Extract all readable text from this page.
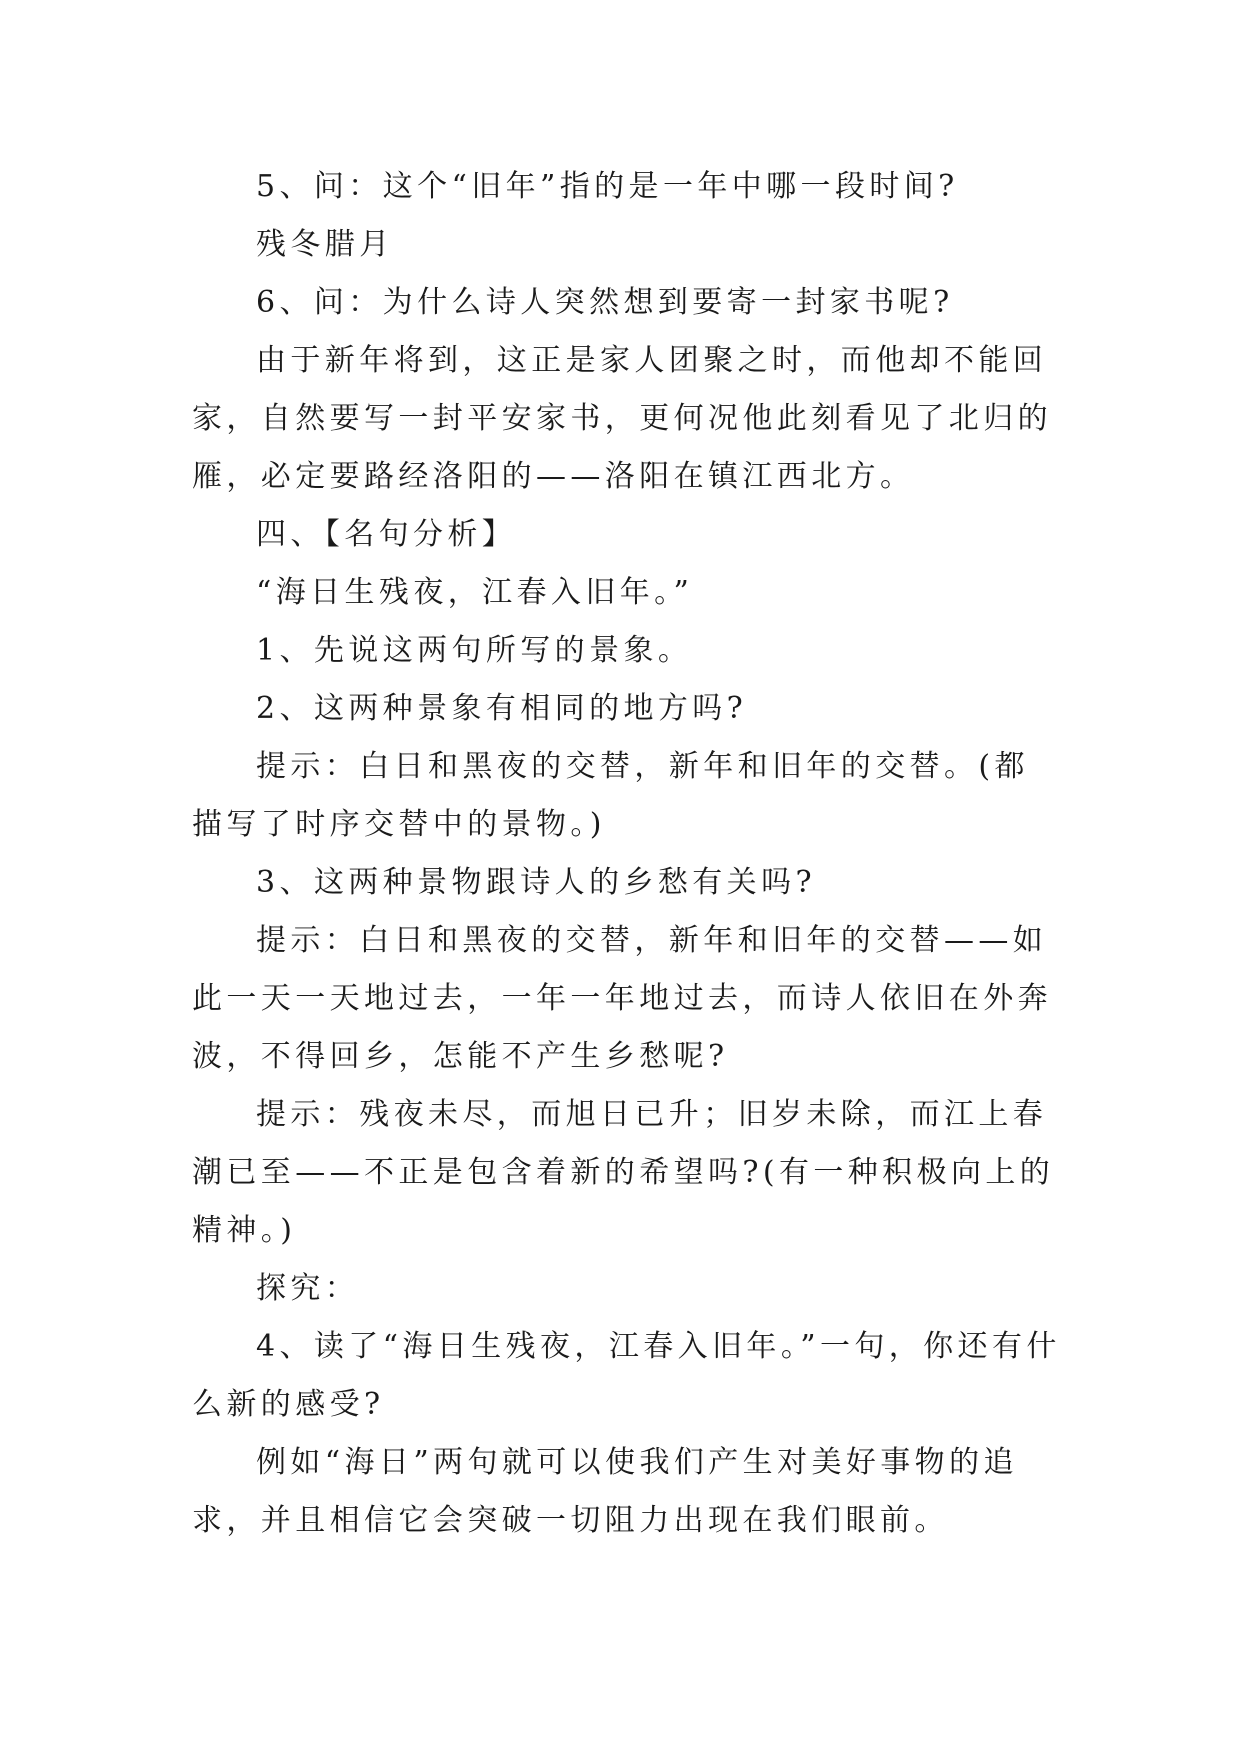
5、问：这个“旧年”指的是一年中哪一段时间?

残冬腊月

6、问：为什么诗人突然想到要寄一封家书呢?

由于新年将到，这正是家人团聚之时，而他却不能回家，自然要写一封平安家书，更何况他此刻看见了北归的雁，必定要路经洛阳的——洛阳在镇江西北方。

四、【名句分析】

“海日生残夜，江春入旧年。”

1、先说这两句所写的景象。

2、这两种景象有相同的地方吗?

提示：白日和黑夜的交替，新年和旧年的交替。(都描写了时序交替中的景物。)

3、这两种景物跟诗人的乡愁有关吗?

提示：白日和黑夜的交替，新年和旧年的交替——如此一天一天地过去，一年一年地过去，而诗人依旧在外奔波，不得回乡，怎能不产生乡愁呢?

提示：残夜未尽，而旭日已升；旧岁未除，而江上春潮已至——不正是包含着新的希望吗?(有一种积极向上的精神。)

探究：

4、读了“海日生残夜，江春入旧年。”一句，你还有什么新的感受?

例如“海日”两句就可以使我们产生对美好事物的追求，并且相信它会突破一切阻力出现在我们眼前。
